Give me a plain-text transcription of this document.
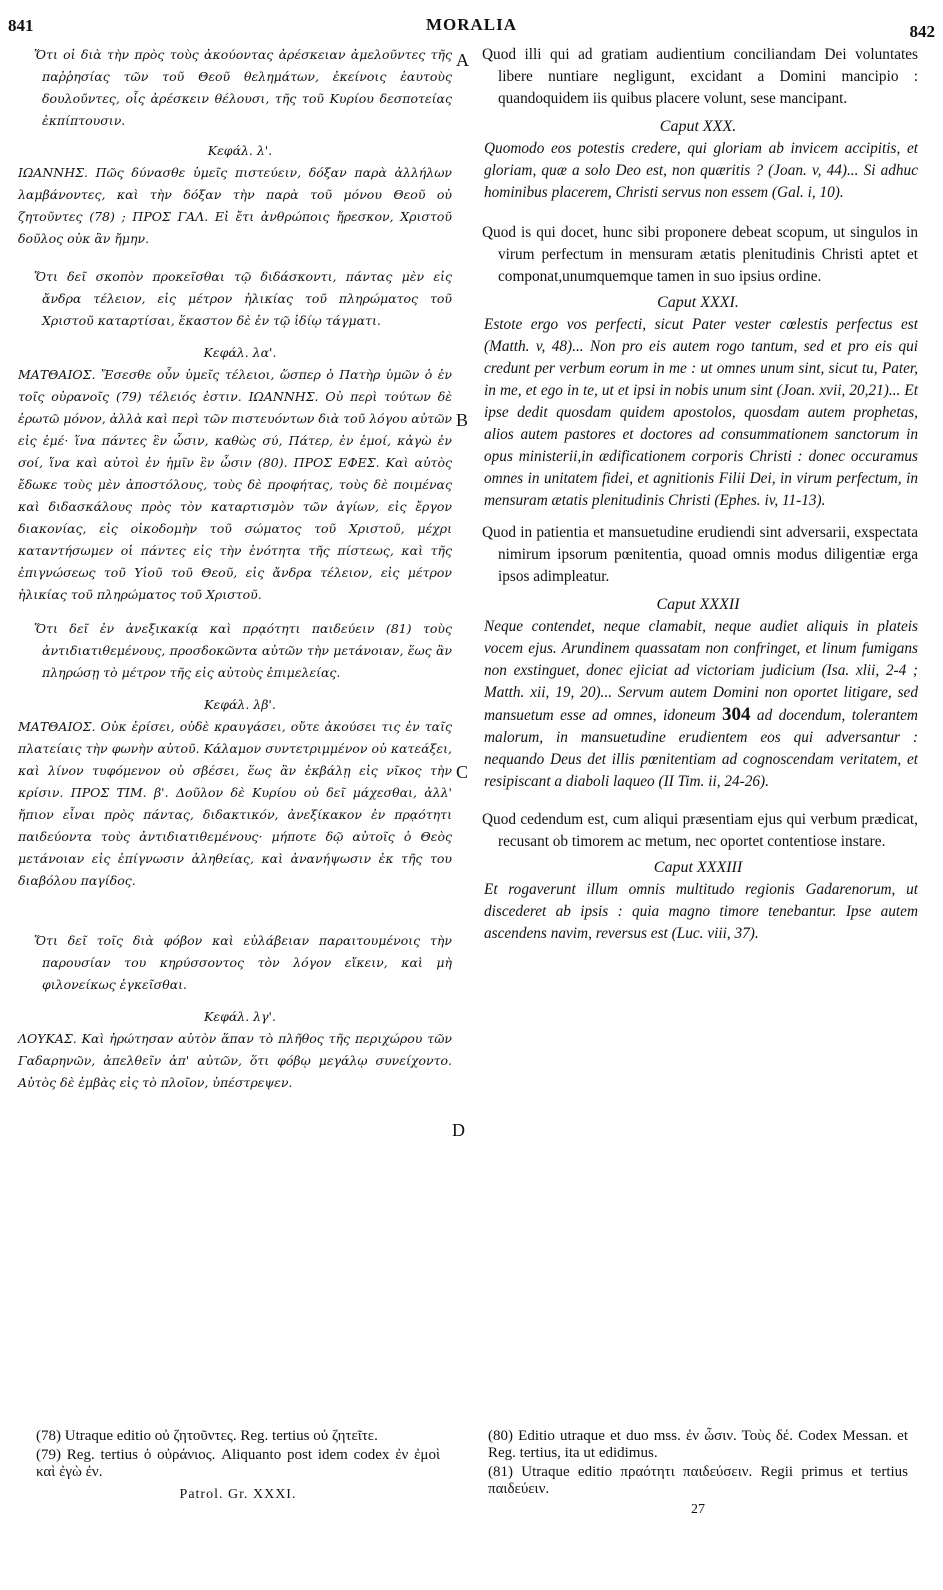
841	MORALIA	842
A
B
C
D

Ὅτι οἱ διὰ τὴν πρὸς τοὺς ἀκούοντας ἀρέσκειαν ἀμελοῦντες τῆς παῤῥησίας τῶν τοῦ Θεοῦ θελημάτων, ἐκείνοις ἑαυτοὺς δουλοῦντες, οἷς ἀρέσκειν θέλουσι, τῆς τοῦ Κυρίου δεσποτείας ἐκπίπτουσιν.

Κεφάλ. λ'.

ΙΩΑΝΝΗΣ. Πῶς δύνασθε ὑμεῖς πιστεύειν, δόξαν παρὰ ἀλλήλων λαμβάνοντες, καὶ τὴν δόξαν τὴν παρὰ τοῦ μόνου Θεοῦ οὐ ζητοῦντες (78) ; ΠΡΟΣ ΓΑΛ. Εἰ ἔτι ἀνθρώποις ἤρεσκον, Χριστοῦ δοῦλος οὐκ ἂν ἤμην.

Ὅτι δεῖ σκοπὸν προκεῖσθαι τῷ διδάσκοντι, πάντας μὲν εἰς ἄνδρα τέλειον, εἰς μέτρον ἡλικίας τοῦ πληρώματος τοῦ Χριστοῦ καταρτίσαι, ἕκαστον δὲ ἐν τῷ ἰδίῳ τάγματι.

Κεφάλ. λα'.

ΜΑΤΘΑΙΟΣ. Ἔσεσθε οὖν ὑμεῖς τέλειοι, ὥσπερ ὁ Πατὴρ ὑμῶν ὁ ἐν τοῖς οὐρανοῖς (79) τέλειός ἐστιν. ΙΩΑΝΝΗΣ. Οὐ περὶ τούτων δὲ ἐρωτῶ μόνον, ἀλλὰ καὶ περὶ τῶν πιστευόντων διὰ τοῦ λόγου αὐτῶν εἰς ἐμέ· ἵνα πάντες ἓν ὦσιν, καθὼς σύ, Πάτερ, ἐν ἐμοί, κἀγὼ ἐν σοί, ἵνα καὶ αὐτοὶ ἐν ἡμῖν ἓν ὦσιν (80). ΠΡΟΣ ΕΦΕΣ. Καὶ αὐτὸς ἔδωκε τοὺς μὲν ἀποστόλους, τοὺς δὲ προφήτας, τοὺς δὲ ποιμένας καὶ διδασκάλους πρὸς τὸν καταρτισμὸν τῶν ἁγίων, εἰς ἔργον διακονίας, εἰς οἰκοδομὴν τοῦ σώματος τοῦ Χριστοῦ, μέχρι καταντήσωμεν οἱ πάντες εἰς τὴν ἑνότητα τῆς πίστεως, καὶ τῆς ἐπιγνώσεως τοῦ Υἱοῦ τοῦ Θεοῦ, εἰς ἄνδρα τέλειον, εἰς μέτρον ἡλικίας τοῦ πληρώματος τοῦ Χριστοῦ.

Ὅτι δεῖ ἐν ἀνεξικακίᾳ καὶ πρᾳότητι παιδεύειν (81) τοὺς ἀντιδιατιθεμένους, προσδοκῶντα αὐτῶν τὴν μετάνοιαν, ἕως ἂν πληρώσῃ τὸ μέτρον τῆς εἰς αὐτοὺς ἐπιμελείας.

Κεφάλ. λβ'.

ΜΑΤΘΑΙΟΣ. Οὐκ ἐρίσει, οὐδὲ κραυγάσει, οὔτε ἀκούσει τις ἐν ταῖς πλατείαις τὴν φωνὴν αὐτοῦ. Κάλαμον συντετριμμένον οὐ κατεάξει, καὶ λίνον τυφόμενον οὐ σβέσει, ἕως ἂν ἐκβάλῃ εἰς νῖκος τὴν κρίσιν. ΠΡΟΣ ΤΙΜ. β'. Δοῦλον δὲ Κυρίου οὐ δεῖ μάχεσθαι, ἀλλ' ἤπιον εἶναι πρὸς πάντας, διδακτικόν, ἀνεξίκακον ἐν πρᾳότητι παιδεύοντα τοὺς ἀντιδιατιθεμένους· μήποτε δῷ αὐτοῖς ὁ Θεὸς μετάνοιαν εἰς ἐπίγνωσιν ἀληθείας, καὶ ἀνανήψωσιν ἐκ τῆς του διαβόλου παγίδος.

Ὅτι δεῖ τοῖς διὰ φόβον καὶ εὐλάβειαν παραιτουμένοις τὴν παρουσίαν του κηρύσσοντος τὸν λόγον εἴκειν, καὶ μὴ φιλονείκως ἐγκεῖσθαι.

Κεφάλ. λγ'.

ΛΟΥΚΑΣ. Καὶ ἠρώτησαν αὐτὸν ἅπαν τὸ πλῆθος τῆς περιχώρου τῶν Γαδαρηνῶν, ἀπελθεῖν ἀπ' αὐτῶν, ὅτι φόβῳ μεγάλῳ συνείχοντο. Αὐτὸς δὲ ἐμβὰς εἰς τὸ πλοῖον, ὑπέστρεψεν.

Quod illi qui ad gratiam audientium conciliandam Dei voluntates libere nuntiare negligunt, excidant a Domini mancipio : quandoquidem iis quibus placere volunt, sese mancipant.

Caput XXX.

Quomodo eos potestis credere, qui gloriam ab invicem accipitis, et gloriam, quæ a solo Deo est, non quæritis ? (Joan. v, 44)... Si adhuc hominibus placerem, Christi servus non essem (Gal. i, 10).

Quod is qui docet, hunc sibi proponere debeat scopum, ut singulos in virum perfectum in mensuram ætatis plenitudinis Christi aptet et componat,unumquemque tamen in suo ipsius ordine.

Caput XXXI.

Estote ergo vos perfecti, sicut Pater vester cœlestis perfectus est (Matth. v, 48)... Non pro eis autem rogo tantum, sed et pro eis qui credunt per verbum eorum in me : ut omnes unum sint, sicut tu, Pater, in me, et ego in te, ut et ipsi in nobis unum sint (Joan. xvii, 20,21)... Et ipse dedit quosdam quidem apostolos, quosdam autem prophetas, alios autem pastores et doctores ad consummationem sanctorum in opus ministerii,in ædificationem corporis Christi : donec occuramus omnes in unitatem fidei, et agnitionis Filii Dei, in virum perfectum, in mensuram ætatis plenitudinis Christi (Ephes. iv, 11-13).

Quod in patientia et mansuetudine erudiendi sint adversarii, exspectata nimirum ipsorum pœnitentia, quoad omnis modus diligentiæ erga ipsos adimpleatur.

Caput XXXII

Neque contendet, neque clamabit, neque audiet aliquis in plateis vocem ejus. Arundinem quassatam non confringet, et linum fumigans non exstinguet, donec ejiciat ad victoriam judicium (Isa. xlii, 2-4 ; Matth. xii, 19, 20)... Servum autem Domini non oportet litigare, sed mansuetum esse ad omnes, idoneum 304 ad docendum, tolerantem malorum, in mansuetudine erudientem eos qui adversantur : nequando Deus det illis pœnitentiam ad cognoscendam veritatem, et resipiscant a diaboli laqueo (II Tim. ii, 24-26).

Quod cedendum est, cum aliqui præsentiam ejus qui verbum prædicat, recusant ob timorem ac metum, nec oportet contentiose instare.

Caput XXXIII

Et rogaverunt illum omnis multitudo regionis Gadarenorum, ut discederet ab ipsis : quia magno timore tenebantur. Ipse autem ascendens navim, reversus est (Luc. viii, 37).

(78) Utraque editio οὐ ζητοῦντες. Reg. tertius οὐ ζητεῖτε.

(79) Reg. tertius ὁ οὐράνιος. Aliquanto post idem codex ἐν ἐμοὶ καὶ ἐγὼ ἐν.

Patrol. Gr. XXXI.

(80) Editio utraque et duo mss. ἐν ὦσιν. Τοὺς δέ. Codex Messan. et Reg. tertius, ita ut edidimus.

(81) Utraque editio πραότητι παιδεύσειν. Regii primus et tertius παιδεύειν.

27
